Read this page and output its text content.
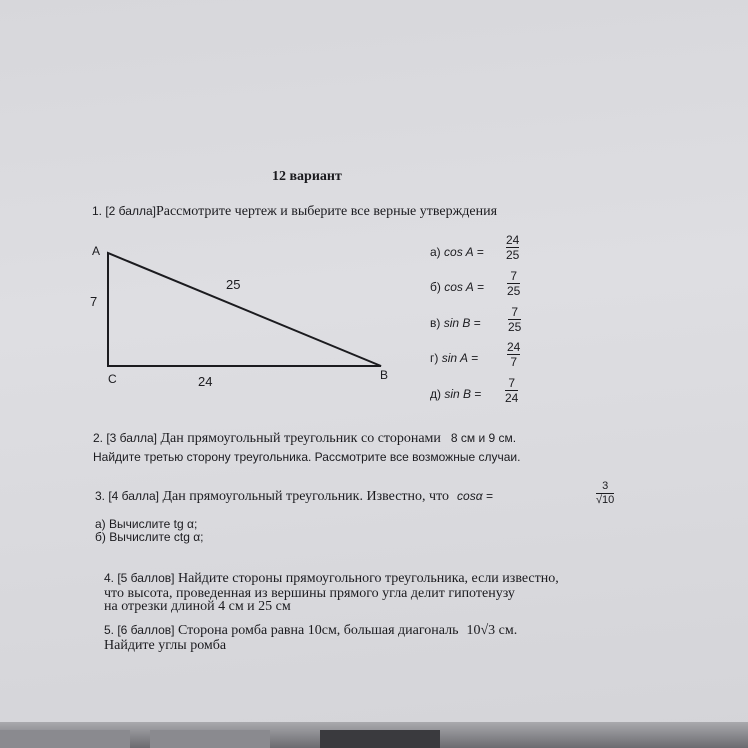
12 вариант
1. [2 балла]Рассмотрите чертеж и выберите все верные утверждения
A
B
C
7
24
25
а) cos A =
24
25
б) cos A =
7
25
в) sin B =
7
25
г) sin A =
24
7
д) sin B =
7
24
2. [3 балла] Дан прямоугольный треугольник со сторонами 8 см и 9 см.
Найдите третью сторону треугольника. Рассмотрите все возможные случаи.
3. [4 балла] Дан прямоугольный треугольник. Известно, что cosα =
3
√10
а) Вычислите tg α;
б) Вычислите ctg α;
4. [5 баллов] Найдите стороны прямоугольного треугольника, если известно,
что высота, проведенная из вершины прямого угла делит гипотенузу
на отрезки длиной 4 см и 25 см
5. [6 баллов] Сторона ромба равна 10см, большая диагональ 10√3 см.
Найдите углы ромба
